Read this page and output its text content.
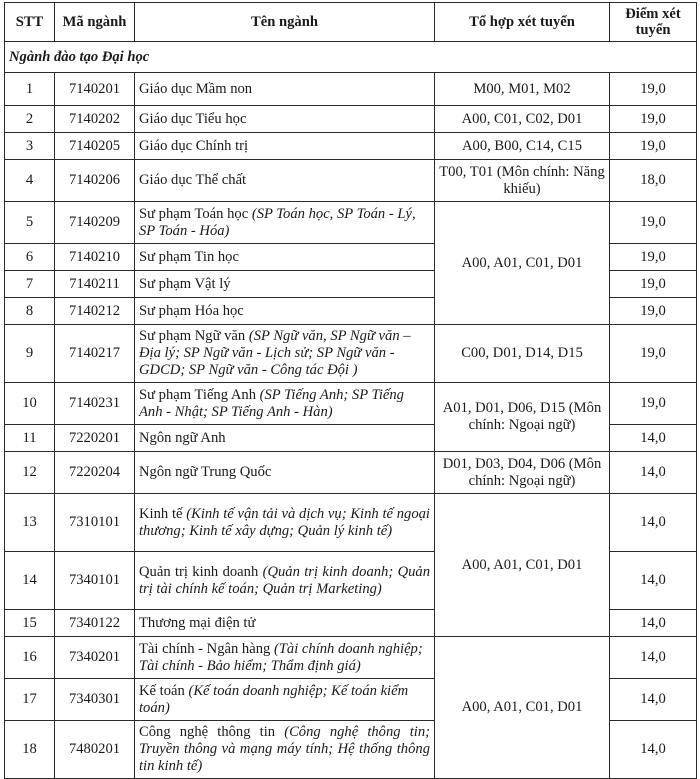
STT	Mã ngành	Tên ngành	Tổ hợp xét tuyển	Điểm xét tuyển
Ngành đào tạo Đại học				
1	7140201	Giáo dục Mầm non	M00, M01, M02	19,0
2	7140202	Giáo dục Tiểu học	A00, C01, C02, D01	19,0
3	7140205	Giáo dục Chính trị	A00, B00, C14, C15	19,0
4	7140206	Giáo dục Thể chất	T00, T01 (Môn chính: Năng khiếu)	18,0
5	7140209	Sư phạm Toán học (SP Toán học, SP Toán - Lý, SP Toán - Hóa)	A00, A01, C01, D01	19,0
6	7140210	Sư phạm Tin học		19,0
7	7140211	Sư phạm Vật lý		19,0
8	7140212	Sư phạm Hóa học		19,0
9	7140217	Sư phạm Ngữ văn (SP Ngữ văn, SP Ngữ văn – Địa lý; SP Ngữ văn - Lịch sử; SP Ngữ văn - GDCD; SP Ngữ văn - Công tác Đội )	C00, D01, D14, D15	19,0
10	7140231	Sư phạm Tiếng Anh (SP Tiếng Anh; SP Tiếng Anh - Nhật; SP Tiếng Anh - Hàn)	A01, D01, D06, D15 (Môn chính: Ngoại ngữ)	19,0
11	7220201	Ngôn ngữ Anh		14,0
12	7220204	Ngôn ngữ Trung Quốc	D01, D03, D04, D06 (Môn chính: Ngoại ngữ)	14,0
13	7310101	Kinh tế (Kinh tế vận tải và dịch vụ; Kinh tế ngoại thương; Kinh tế xây dựng; Quản lý kinh tế)	A00, A01, C01, D01	14,0
14	7340101	Quản trị kinh doanh (Quản trị kinh doanh; Quản trị tài chính kế toán; Quản trị Marketing)		14,0
15	7340122	Thương mại điện tử		14,0
16	7340201	Tài chính - Ngân hàng (Tài chính doanh nghiệp; Tài chính - Bảo hiểm; Thẩm định giá)	A00, A01, C01, D01	14,0
17	7340301	Kế toán (Kế toán doanh nghiệp; Kế toán kiểm toán)		14,0
18	7480201	Công nghệ thông tin (Công nghệ thông tin; Truyền thông và mạng máy tính; Hệ thống thông tin kinh tế)		14,0
